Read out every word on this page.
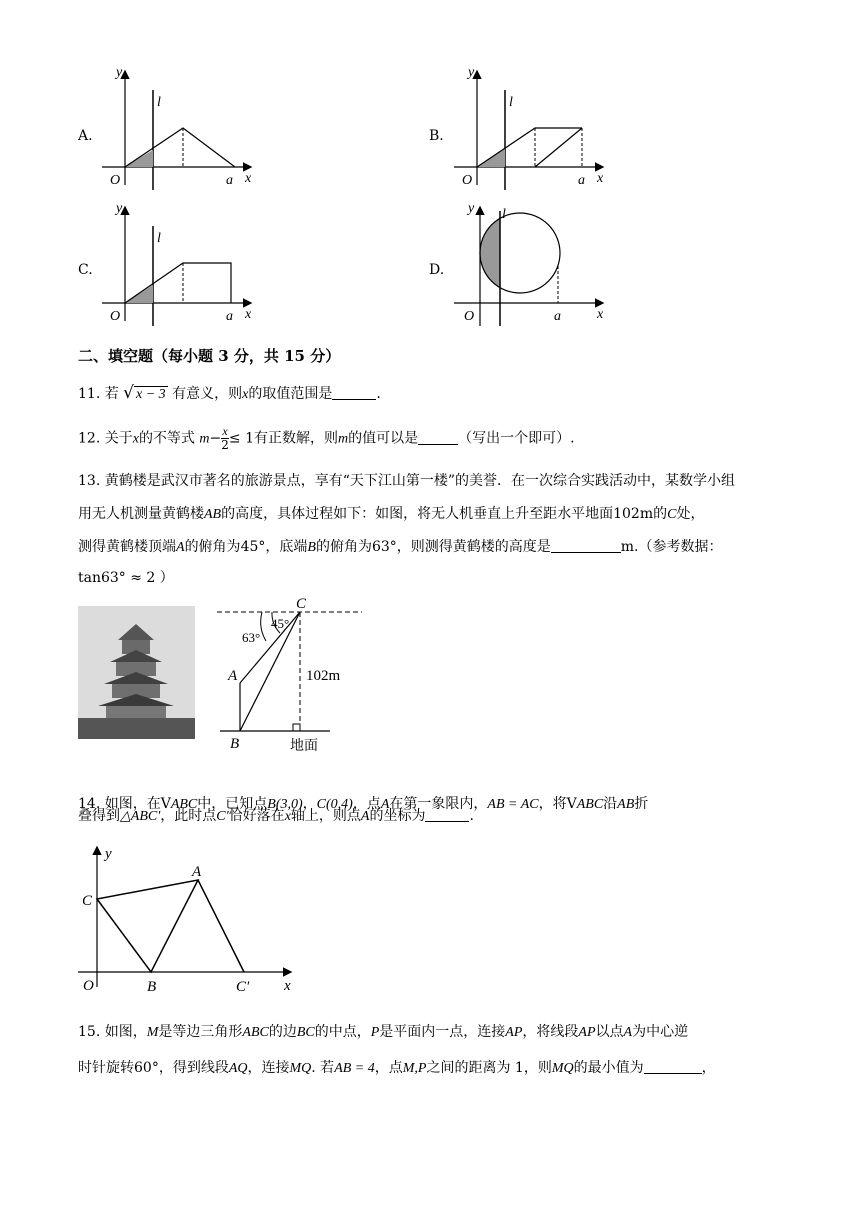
A.
y
x
O
l
a
B.
y
x
O
l
a
C.
y
x
O
l
a
D.
y
x
O
l
a
二、填空题（每小题 3 分，共 15 分）
11. 若 √ x − 3 有意义，则x的取值范围是	.
12. 关于x的不等式 $m- \frac{x}{2} \le 1$有正数解，则m的值可以是	（写出一个即可）.
13. 黄鹤楼是武汉市著名的旅游景点，享有“天下江山第一楼”的美誉．在一次综合实践活动中，某数学小组
用无人机测量黄鹤楼AB的高度，具体过程如下：如图，将无人机垂直上升至距水平地面102m的C处，
测得黄鹤楼顶端A的俯角为45°，底端B的俯角为63°，则测得黄鹤楼的高度是	m.（参考数据：
tan63° ≈ 2 ）
C
A
B
45°
63°
102m
地面
14. 如图，在VABC中，已知点B(3,0)，C(0,4)，点A在第一象限内，AB = AC，将VABC沿AB折
叠得到△ABC′，此时点C′恰好落在x轴上，则点A的坐标为	.
y
x
O	B
C
A
C′
15. 如图，M是等边三角形ABC的边BC的中点，P是平面内一点，连接AP，将线段AP以点A为中心逆
时针旋转60°，得到线段AQ，连接MQ. 若AB = 4，点M,P之间的距离为 1，则MQ的最小值为	，
